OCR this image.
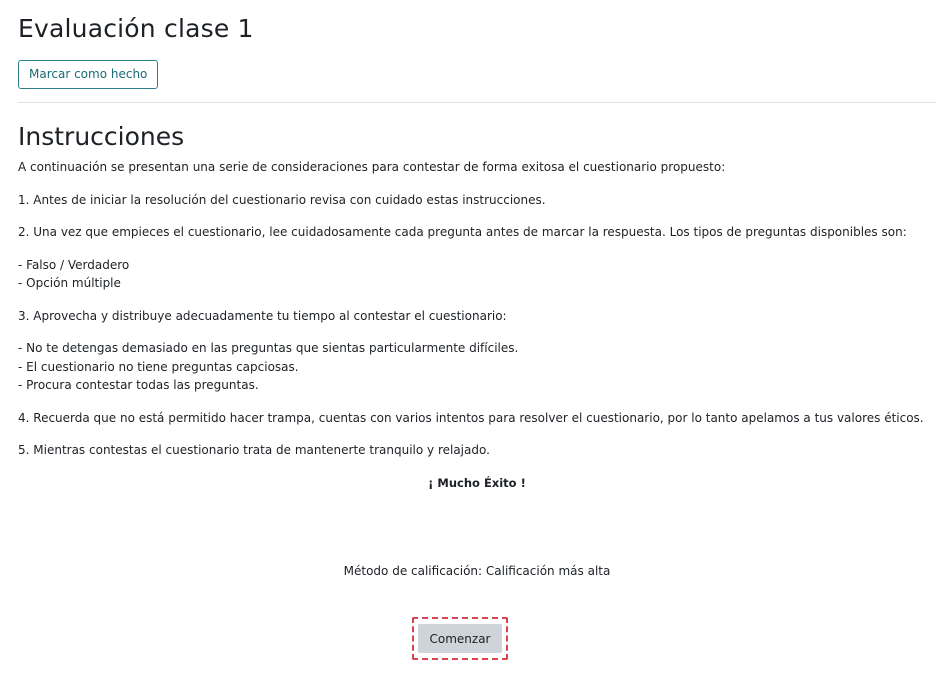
Evaluación clase 1
Marcar como hecho
Instrucciones

A continuación se presentan una serie de consideraciones para contestar de forma exitosa el cuestionario propuesto:

1. Antes de iniciar la resolución del cuestionario revisa con cuidado estas instrucciones.

2. Una vez que empieces el cuestionario, lee cuidadosamente cada pregunta antes de marcar la respuesta. Los tipos de preguntas disponibles son:

- Falso / Verdadero

- Opción múltiple

3. Aprovecha y distribuye adecuadamente tu tiempo al contestar el cuestionario:

- No te detengas demasiado en las preguntas que sientas particularmente difíciles.

- El cuestionario no tiene preguntas capciosas.

- Procura contestar todas las preguntas.

4. Recuerda que no está permitido hacer trampa, cuentas con varios intentos para resolver el cuestionario, por lo tanto apelamos a tus valores éticos.

5. Mientras contestas el cuestionario trata de mantenerte tranquilo y relajado.

¡ Mucho Éxito !

Método de calificación: Calificación más alta
Comenzar
